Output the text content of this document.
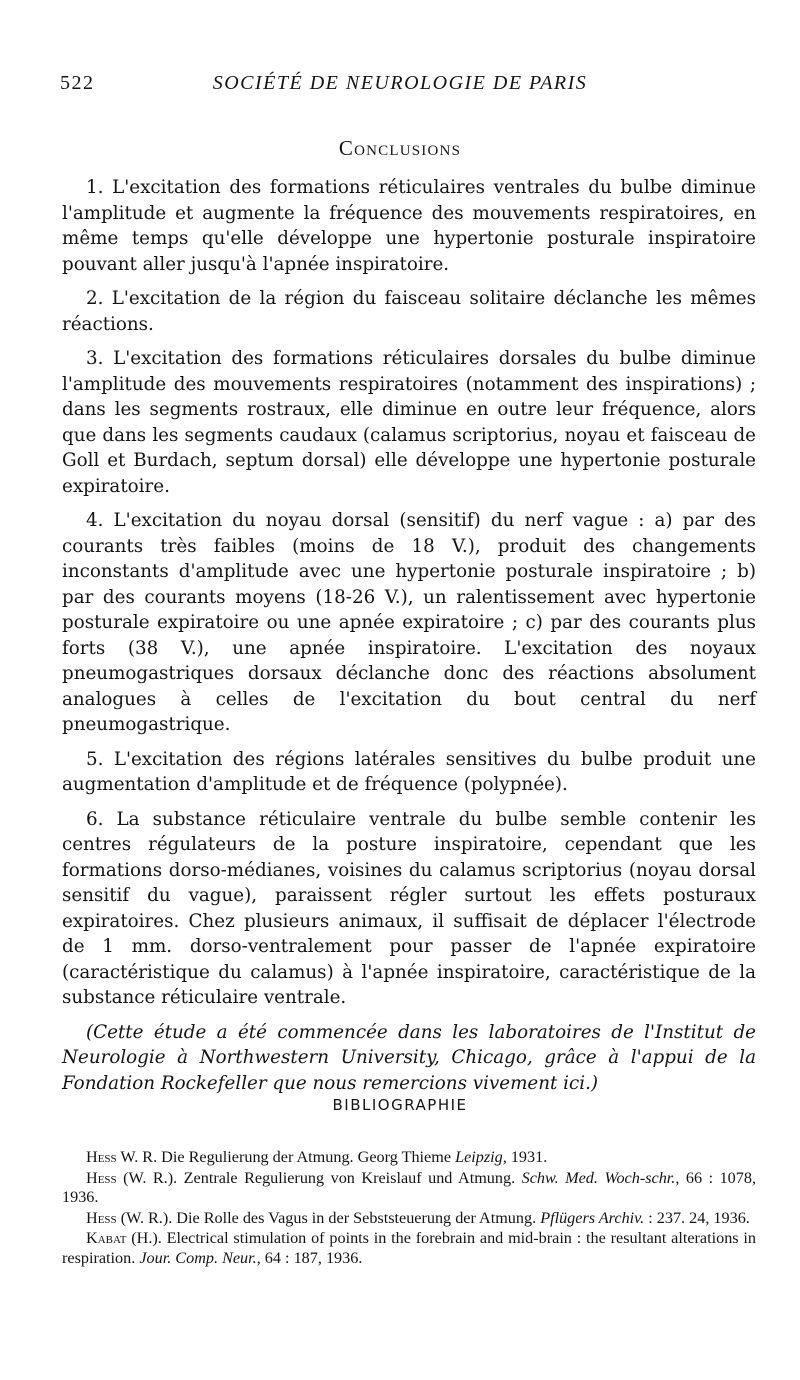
522	SOCIÉTÉ DE NEUROLOGIE DE PARIS
Conclusions

1. L'excitation des formations réticulaires ventrales du bulbe diminue l'amplitude et augmente la fréquence des mouvements respiratoires, en même temps qu'elle développe une hypertonie posturale inspiratoire pouvant aller jusqu'à l'apnée inspiratoire.

2. L'excitation de la région du faisceau solitaire déclanche les mêmes réactions.

3. L'excitation des formations réticulaires dorsales du bulbe diminue l'amplitude des mouvements respiratoires (notamment des inspirations) ; dans les segments rostraux, elle diminue en outre leur fréquence, alors que dans les segments caudaux (calamus scriptorius, noyau et faisceau de Goll et Burdach, septum dorsal) elle développe une hypertonie posturale expiratoire.

4. L'excitation du noyau dorsal (sensitif) du nerf vague : a) par des courants très faibles (moins de 18 V.), produit des changements inconstants d'amplitude avec une hypertonie posturale inspiratoire ; b) par des courants moyens (18-26 V.), un ralentissement avec hypertonie posturale expiratoire ou une apnée expiratoire ; c) par des courants plus forts (38 V.), une apnée inspiratoire. L'excitation des noyaux pneumogastriques dorsaux déclanche donc des réactions absolument analogues à celles de l'excitation du bout central du nerf pneumogastrique.

5. L'excitation des régions latérales sensitives du bulbe produit une augmentation d'amplitude et de fréquence (polypnée).

6. La substance réticulaire ventrale du bulbe semble contenir les centres régulateurs de la posture inspiratoire, cependant que les formations dorso-médianes, voisines du calamus scriptorius (noyau dorsal sensitif du vague), paraissent régler surtout les effets posturaux expiratoires. Chez plusieurs animaux, il suffisait de déplacer l'électrode de 1 mm. dorso-ventralement pour passer de l'apnée expiratoire (caractéristique du calamus) à l'apnée inspiratoire, caractéristique de la substance réticulaire ventrale.

(Cette étude a été commencée dans les laboratoires de l'Institut de Neurologie à Northwestern University, Chicago, grâce à l'appui de la Fondation Rockefeller que nous remercions vivement ici.)

BIBLIOGRAPHIE

Hess W. R. Die Regulierung der Atmung. Georg Thieme Leipzig, 1931.

Hess (W. R.). Zentrale Regulierung von Kreislauf und Atmung. Schw. Med. Woch-schr., 66 : 1078, 1936.

Hess (W. R.). Die Rolle des Vagus in der Sebststeuerung der Atmung. Pflügers Archiv. : 237. 24, 1936.

Kabat (H.). Electrical stimulation of points in the forebrain and mid-brain : the resultant alterations in respiration. Jour. Comp. Neur., 64 : 187, 1936.
